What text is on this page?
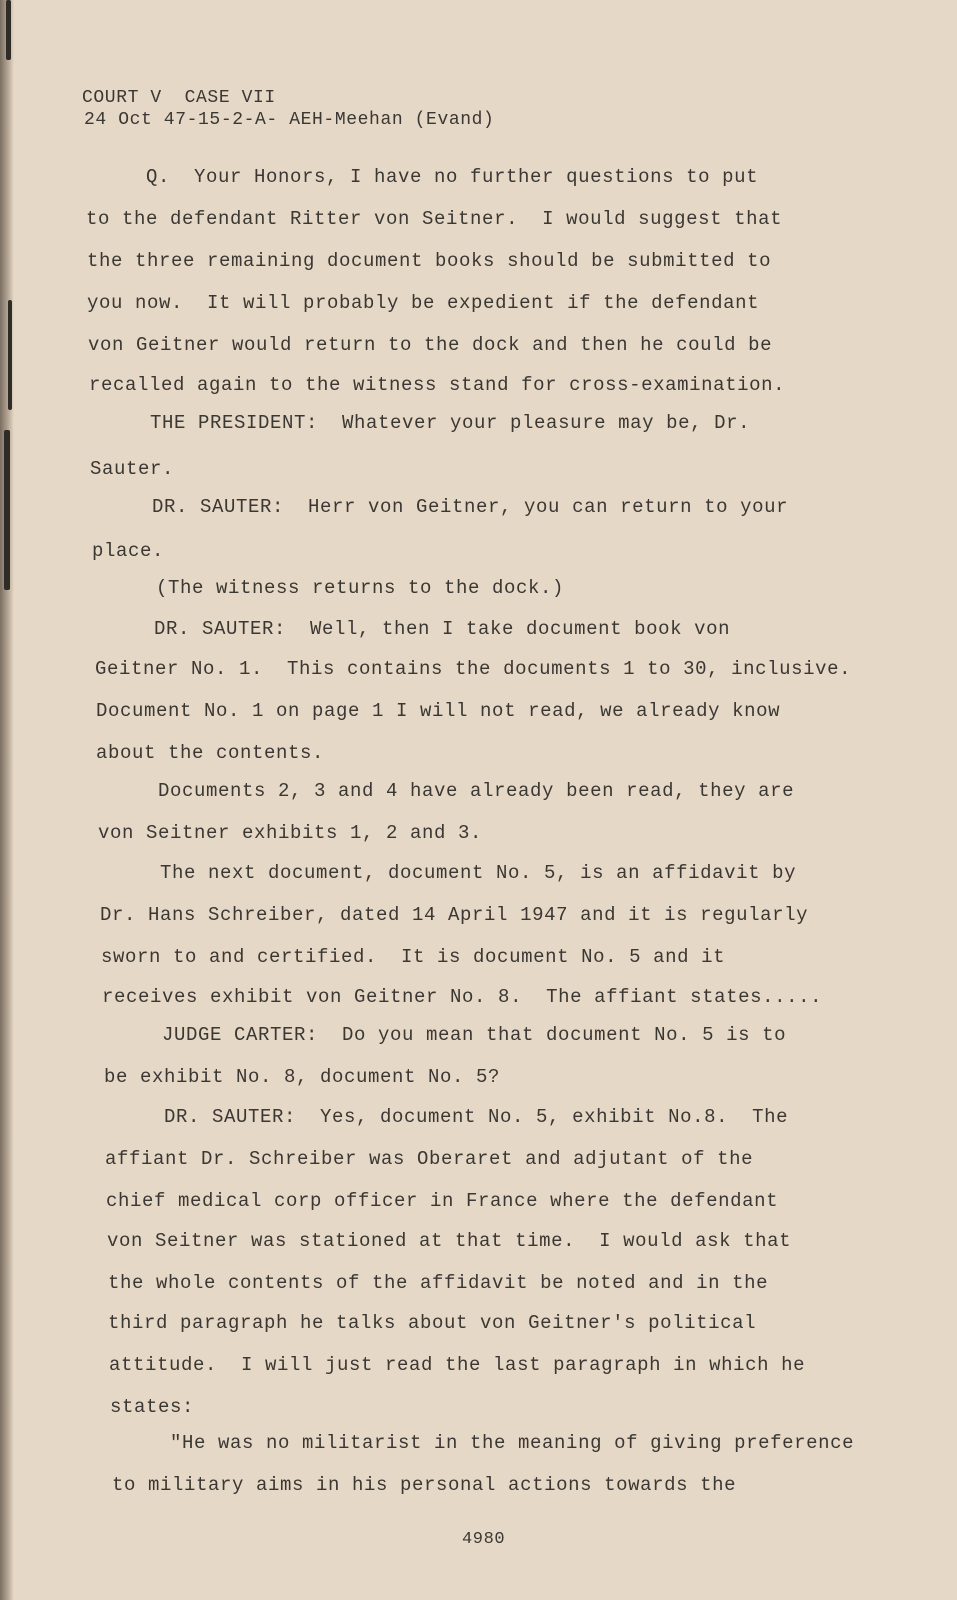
COURT V  CASE VII
24 Oct 47-15-2-A- AEH-Meehan (Evand)
Q.  Your Honors, I have no further questions to put
to the defendant Ritter von Seitner.  I would suggest that
the three remaining document books should be submitted to
you now.  It will probably be expedient if the defendant
von Geitner would return to the dock and then he could be
recalled again to the witness stand for cross-examination.
THE PRESIDENT:  Whatever your pleasure may be, Dr.
Sauter.
DR. SAUTER:  Herr von Geitner, you can return to your
place.
(The witness returns to the dock.)
DR. SAUTER:  Well, then I take document book von
Geitner No. 1.  This contains the documents 1 to 30, inclusive.
Document No. 1 on page 1 I will not read, we already know
about the contents.
Documents 2, 3 and 4 have already been read, they are
von Seitner exhibits 1, 2 and 3.
The next document, document No. 5, is an affidavit by
Dr. Hans Schreiber, dated 14 April 1947 and it is regularly
sworn to and certified.  It is document No. 5 and it
receives exhibit von Geitner No. 8.  The affiant states.....
JUDGE CARTER:  Do you mean that document No. 5 is to
be exhibit No. 8, document No. 5?
DR. SAUTER:  Yes, document No. 5, exhibit No.8.  The
affiant Dr. Schreiber was Oberaret and adjutant of the
chief medical corp officer in France where the defendant
von Seitner was stationed at that time.  I would ask that
the whole contents of the affidavit be noted and in the
third paragraph he talks about von Geitner's political
attitude.  I will just read the last paragraph in which he
states:
"He was no militarist in the meaning of giving preference
to military aims in his personal actions towards the
4980
